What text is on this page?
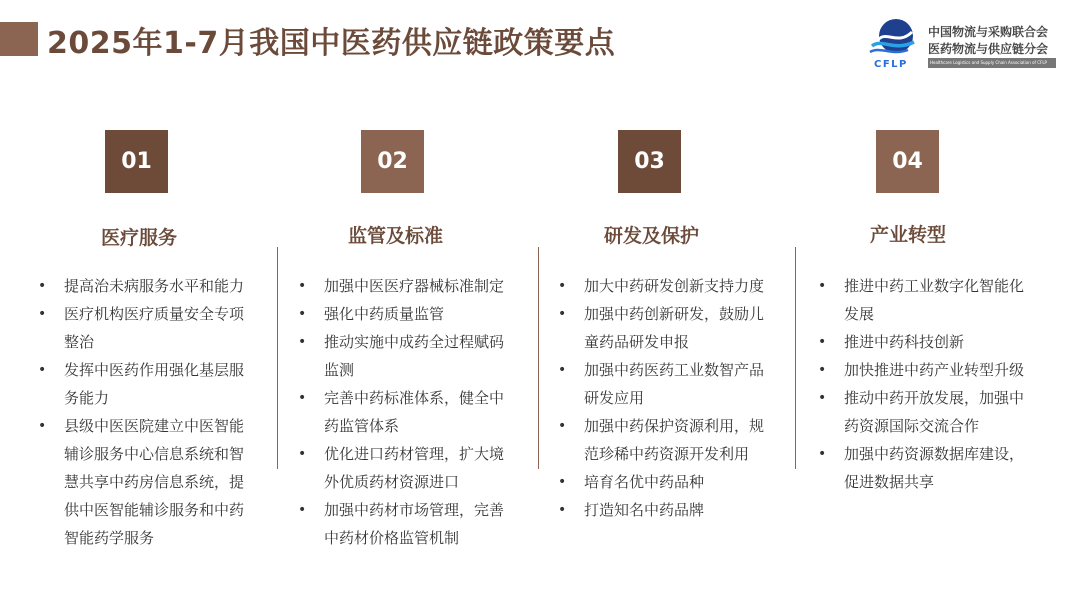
2025年1-7月我国中医药供应链政策要点
CFLP
中国物流与采购联合会
医药物流与供应链分会
Healthcare Logistics and Supply Chain Association of CFLP
01
医疗服务
• 提高治未病服务水平和能力
• 医疗机构医疗质量安全专项整治
• 发挥中医药作用强化基层服务能力
• 县级中医医院建立中医智能辅诊服务中心信息系统和智慧共享中药房信息系统，提供中医智能辅诊服务和中药智能药学服务
02
监管及标准
• 加强中医医疗器械标准制定
• 强化中药质量监管
• 推动实施中成药全过程赋码监测
• 完善中药标准体系，健全中药监管体系
• 优化进口药材管理，扩大境外优质药材资源进口
• 加强中药材市场管理，完善中药材价格监管机制
03
研发及保护
• 加大中药研发创新支持力度
• 加强中药创新研发，鼓励儿童药品研发申报
• 加强中药医药工业数智产品研发应用
• 加强中药保护资源利用，规范珍稀中药资源开发利用
• 培育名优中药品种
• 打造知名中药品牌
04
产业转型
• 推进中药工业数字化智能化发展
• 推进中药科技创新
• 加快推进中药产业转型升级
• 推动中药开放发展，加强中药资源国际交流合作
• 加强中药资源数据库建设，促进数据共享
